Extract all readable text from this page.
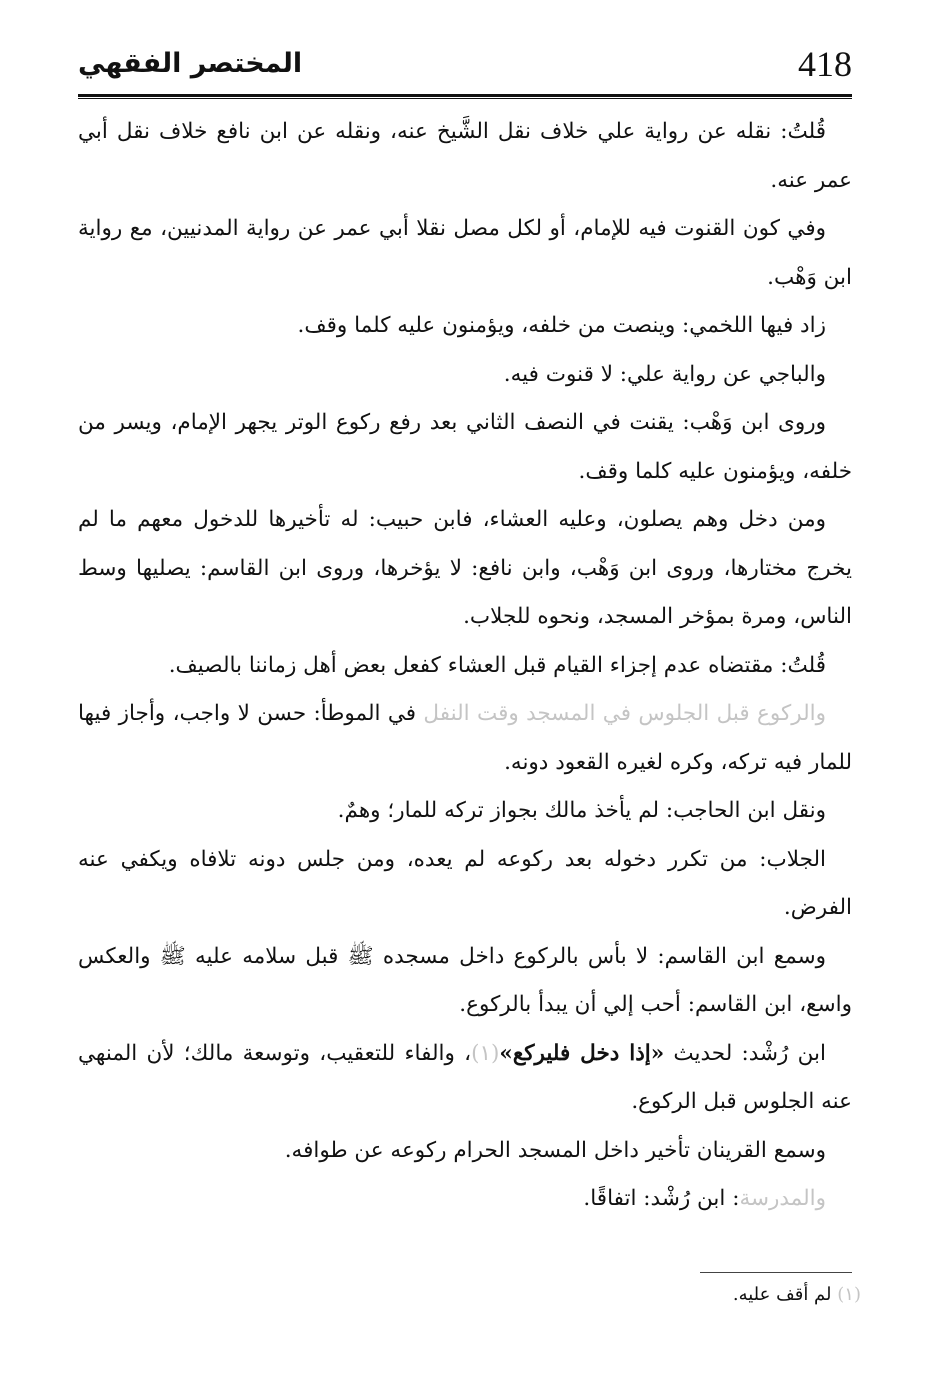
المختصر الفقهي	418

قُلتُ: نقله عن رواية علي خلاف نقل الشَّيخ عنه، ونقله عن ابن نافع خلاف نقل أبي عمر عنه.

وفي كون القنوت فيه للإمام، أو لكل مصل نقلا أبي عمر عن رواية المدنيين، مع رواية ابن وَهْب.

زاد فيها اللخمي: وينصت من خلفه، ويؤمنون عليه كلما وقف.

والباجي عن رواية علي: لا قنوت فيه.

وروى ابن وَهْب: يقنت في النصف الثاني بعد رفع ركوع الوتر يجهر الإمام، ويسر من خلفه، ويؤمنون عليه كلما وقف.

ومن دخل وهم يصلون، وعليه العشاء، فابن حبيب: له تأخيرها للدخول معهم ما لم يخرج مختارها، وروى ابن وَهْب، وابن نافع: لا يؤخرها، وروى ابن القاسم: يصليها وسط الناس، ومرة بمؤخر المسجد، ونحوه للجلاب.

قُلتُ: مقتضاه عدم إجزاء القيام قبل العشاء كفعل بعض أهل زماننا بالصيف.

والركوع قبل الجلوس في المسجد وقت النفل في الموطأ: حسن لا واجب، وأجاز فيها للمار فيه تركه، وكره لغيره القعود دونه.

ونقل ابن الحاجب: لم يأخذ مالك بجواز تركه للمار؛ وهمٌ.

الجلاب: من تكرر دخوله بعد ركوعه لم يعده، ومن جلس دونه تلافاه ويكفي عنه الفرض.

وسمع ابن القاسم: لا بأس بالركوع داخل مسجده ﷺ قبل سلامه عليه ﷺ والعكس واسع، ابن القاسم: أحب إلي أن يبدأ بالركوع.

ابن رُشْد: لحديث «إذا دخل فليركع»(١)، والفاء للتعقيب، وتوسعة مالك؛ لأن المنهي عنه الجلوس قبل الركوع.

وسمع القرينان تأخير داخل المسجد الحرام ركوعه عن طوافه.

والمدرسة: ابن رُشْد: اتفاقًا.

(١) لم أقف عليه.
